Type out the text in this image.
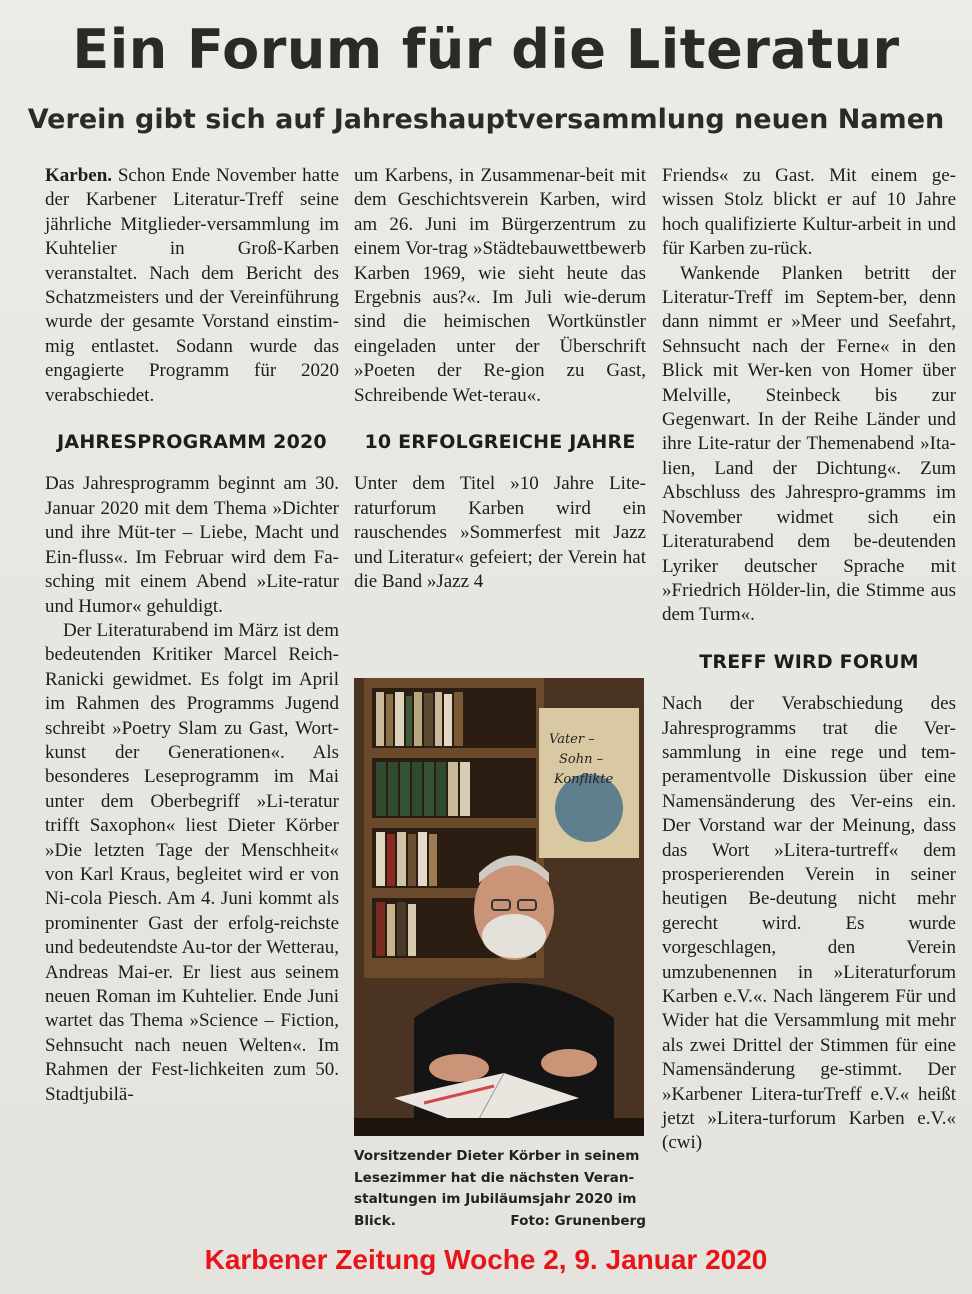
Ein Forum für die Literatur
Verein gibt sich auf Jahreshauptversammlung neuen Namen

Karben. Schon Ende November hatte der Karbener Literatur-Treff seine jährliche Mitglieder-versammlung im Kuhtelier in Groß-Karben veranstaltet. Nach dem Bericht des Schatzmeisters und der Vereinführung wurde der gesamte Vorstand einstim-mig entlastet. Sodann wurde das engagierte Programm für 2020 verabschiedet.

JAHRESPROGRAMM 2020

Das Jahresprogramm beginnt am 30. Januar 2020 mit dem Thema »Dichter und ihre Müt-ter – Liebe, Macht und Ein-fluss«. Im Februar wird dem Fa-sching mit einem Abend »Lite-ratur und Humor« gehuldigt.

Der Literaturabend im März ist dem bedeutenden Kritiker Marcel Reich-Ranicki gewidmet. Es folgt im April im Rahmen des Programms Jugend schreibt »Poetry Slam zu Gast, Wort-kunst der Generationen«. Als besonderes Leseprogramm im Mai unter dem Oberbegriff »Li-teratur trifft Saxophon« liest Dieter Körber »Die letzten Tage der Menschheit« von Karl Kraus, begleitet wird er von Ni-cola Piesch. Am 4. Juni kommt als prominenter Gast der erfolg-reichste und bedeutendste Au-tor der Wetterau, Andreas Mai-er. Er liest aus seinem neuen Roman im Kuhtelier. Ende Juni wartet das Thema »Science – Fiction, Sehnsucht nach neuen Welten«. Im Rahmen der Fest-lichkeiten zum 50. Stadtjubilä-

um Karbens, in Zusammenar-beit mit dem Geschichtsverein Karben, wird am 26. Juni im Bürgerzentrum zu einem Vor-trag »Städtebauwettbewerb Karben 1969, wie sieht heute das Ergebnis aus?«. Im Juli wie-derum sind die heimischen Wortkünstler eingeladen unter der Überschrift »Poeten der Re-gion zu Gast, Schreibende Wet-terau«.

10 ERFOLGREICHE JAHRE

Unter dem Titel »10 Jahre Lite-raturforum Karben wird ein rauschendes »Sommerfest mit Jazz und Literatur« gefeiert; der Verein hat die Band »Jazz 4

Vater –
Sohn –
Konflikte
Vorsitzender Dieter Körber in seinem Lesezimmer hat die nächsten Veran-staltungen im Jubiläumsjahr 2020 im Blick.	Foto: Grunenberg

Friends« zu Gast. Mit einem ge-wissen Stolz blickt er auf 10 Jahre hoch qualifizierte Kultur-arbeit in und für Karben zu-rück.

Wankende Planken betritt der Literatur-Treff im Septem-ber, denn dann nimmt er »Meer und Seefahrt, Sehnsucht nach der Ferne« in den Blick mit Wer-ken von Homer über Melville, Steinbeck bis zur Gegenwart. In der Reihe Länder und ihre Lite-ratur der Themenabend »Ita-lien, Land der Dichtung«. Zum Abschluss des Jahrespro-gramms im November widmet sich ein Literaturabend dem be-deutenden Lyriker deutscher Sprache mit »Friedrich Hölder-lin, die Stimme aus dem Turm«.

TREFF WIRD FORUM

Nach der Verabschiedung des Jahresprogramms trat die Ver-sammlung in eine rege und tem-peramentvolle Diskussion über eine Namensänderung des Ver-eins ein. Der Vorstand war der Meinung, dass das Wort »Litera-turtreff« dem prosperierenden Verein in seiner heutigen Be-deutung nicht mehr gerecht wird. Es wurde vorgeschlagen, den Verein umzubenennen in »Literaturforum Karben e.V.«. Nach längerem Für und Wider hat die Versammlung mit mehr als zwei Drittel der Stimmen für eine Namensänderung ge-stimmt. Der »Karbener Litera-turTreff e.V.« heißt jetzt »Litera-turforum Karben e.V.« (cwi)

Karbener Zeitung Woche 2, 9. Januar 2020
